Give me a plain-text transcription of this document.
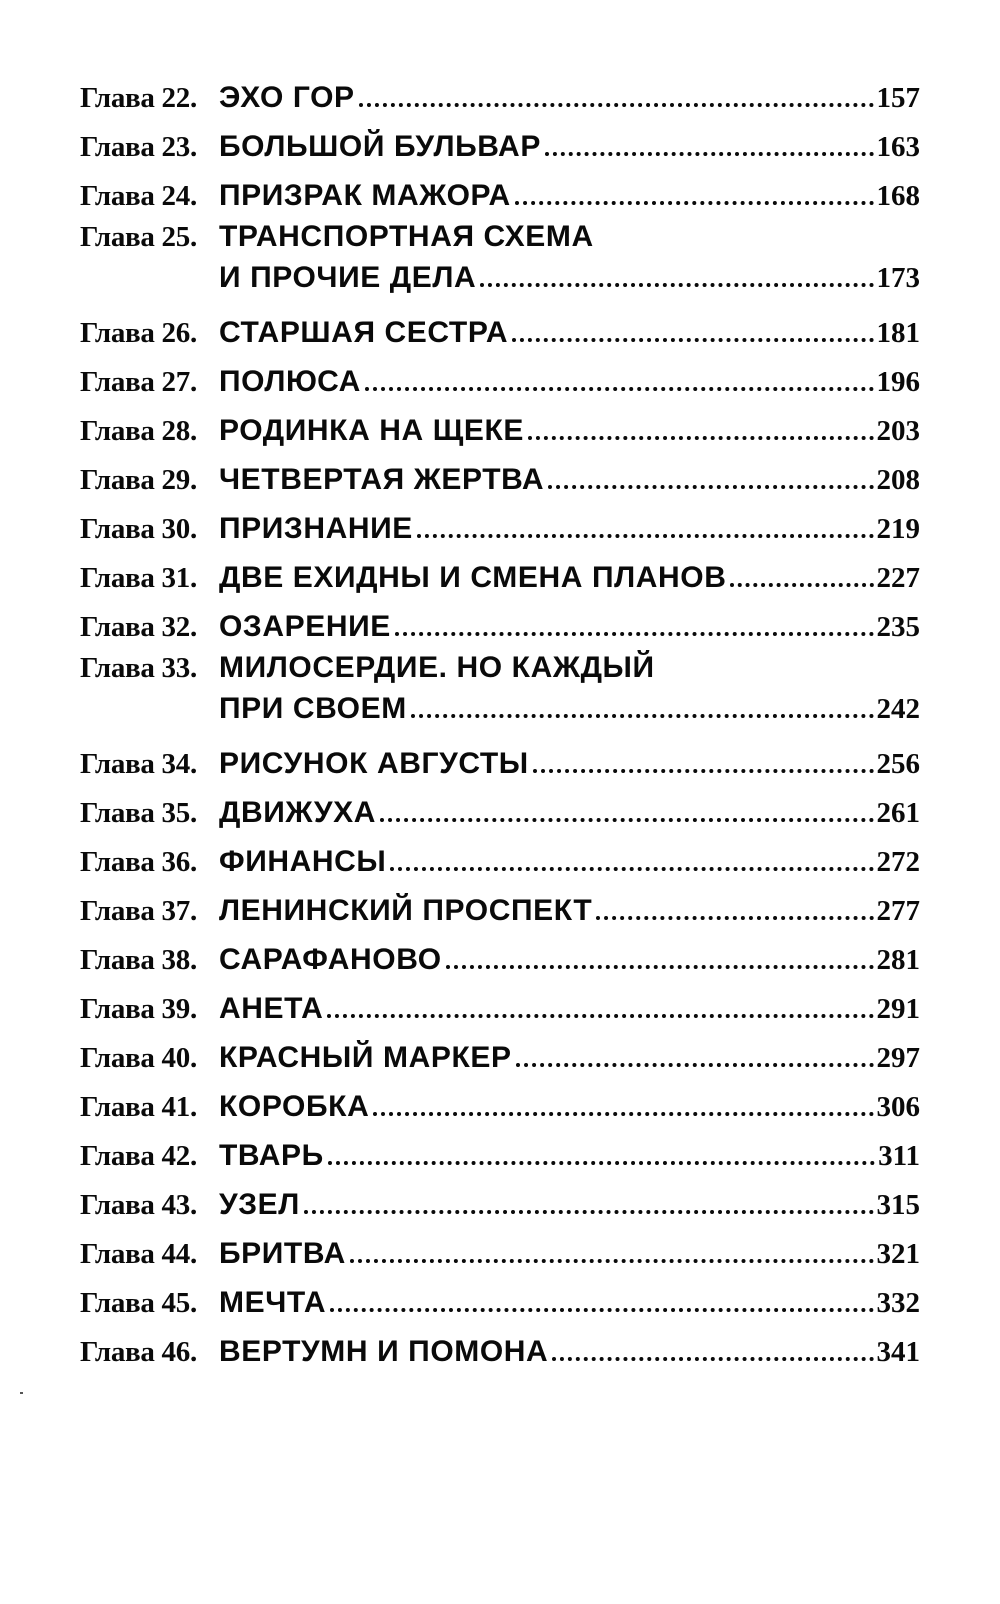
Глава 22. ЭХО ГОР	157
Глава 23. БОЛЬШОЙ БУЛЬВАР	163
Глава 24. ПРИЗРАК МАЖОРА	168
Глава 25. ТРАНСПОРТНАЯ СХЕМА
И ПРОЧИЕ ДЕЛА	173
Глава 26. СТАРШАЯ СЕСТРА	181
Глава 27. ПОЛЮСА	196
Глава 28. РОДИНКА НА ЩЕКЕ	203
Глава 29. ЧЕТВЕРТАЯ ЖЕРТВА	208
Глава 30. ПРИЗНАНИЕ	219
Глава 31. ДВЕ ЕХИДНЫ И СМЕНА ПЛАНОВ	227
Глава 32. ОЗАРЕНИЕ	235
Глава 33. МИЛОСЕРДИЕ. НО КАЖДЫЙ
ПРИ СВОЕМ	242
Глава 34. РИСУНОК АВГУСТЫ	256
Глава 35. ДВИЖУХА	261
Глава 36. ФИНАНСЫ	272
Глава 37. ЛЕНИНСКИЙ ПРОСПЕКТ	277
Глава 38. САРАФАНОВО	281
Глава 39. АНЕТА	291
Глава 40. КРАСНЫЙ МАРКЕР	297
Глава 41. КОРОБКА	306
Глава 42. ТВАРЬ	311
Глава 43. УЗЕЛ	315
Глава 44. БРИТВА	321
Глава 45. МЕЧТА	332
Глава 46. ВЕРТУМН И ПОМОНА	341
